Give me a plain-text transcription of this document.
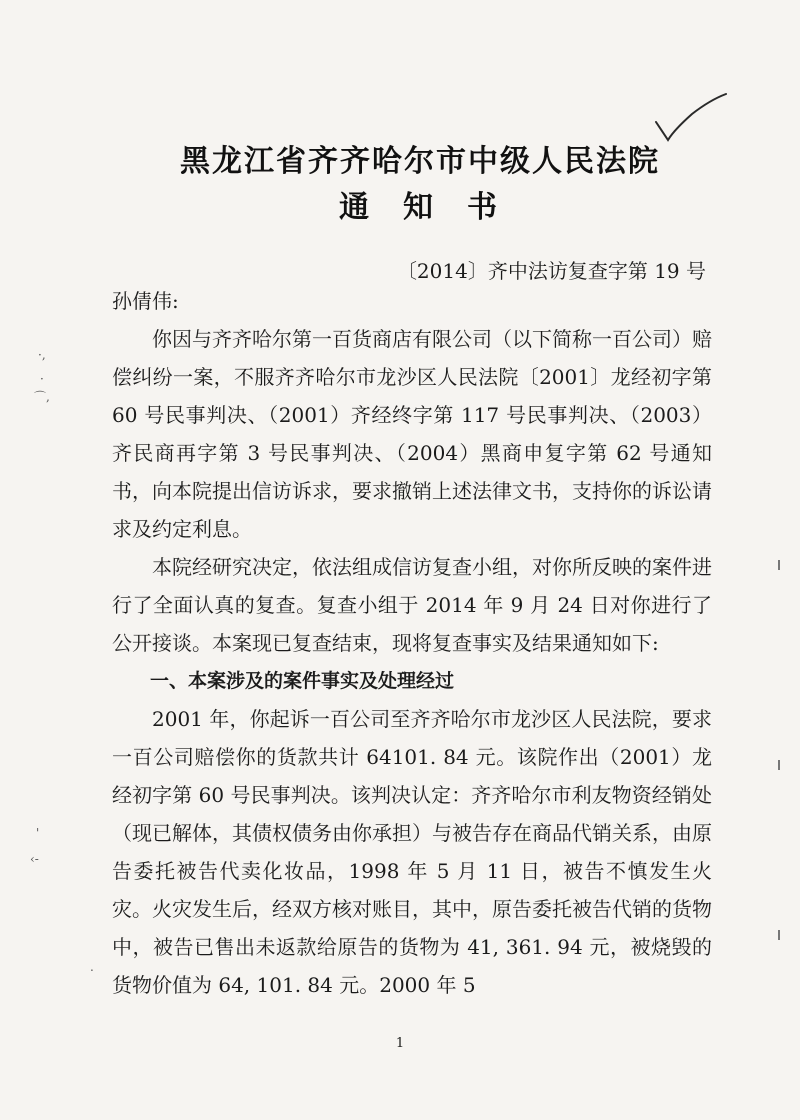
·,
·
⌒,
'
‹-
.
黑龙江省齐齐哈尔市中级人民法院
通知书
〔2014〕齐中法访复查字第 19 号

孙倩伟:

你因与齐齐哈尔第一百货商店有限公司（以下简称一百公司）赔偿纠纷一案，不服齐齐哈尔市龙沙区人民法院〔2001〕龙经初字第 60 号民事判决、（2001）齐经终字第 117 号民事判决、（2003）齐民商再字第 3 号民事判决、（2004）黑商申复字第 62 号通知书，向本院提出信访诉求，要求撤销上述法律文书，支持你的诉讼请求及约定利息。

本院经研究决定，依法组成信访复查小组，对你所反映的案件进行了全面认真的复查。复查小组于 2014 年 9 月 24 日对你进行了公开接谈。本案现已复查结束，现将复查事实及结果通知如下:

一、本案涉及的案件事实及处理经过

2001 年，你起诉一百公司至齐齐哈尔市龙沙区人民法院，要求一百公司赔偿你的货款共计 64101. 84 元。该院作出（2001）龙经初字第 60 号民事判决。该判决认定：齐齐哈尔市利友物资经销处（现已解体，其债权债务由你承担）与被告存在商品代销关系，由原告委托被告代卖化妆品，1998 年 5 月 11 日，被告不慎发生火灾。火灾发生后，经双方核对账目，其中，原告委托被告代销的货物中，被告已售出未返款给原告的货物为 41, 361. 94 元，被烧毁的货物价值为 64, 101. 84 元。2000 年 5

1
